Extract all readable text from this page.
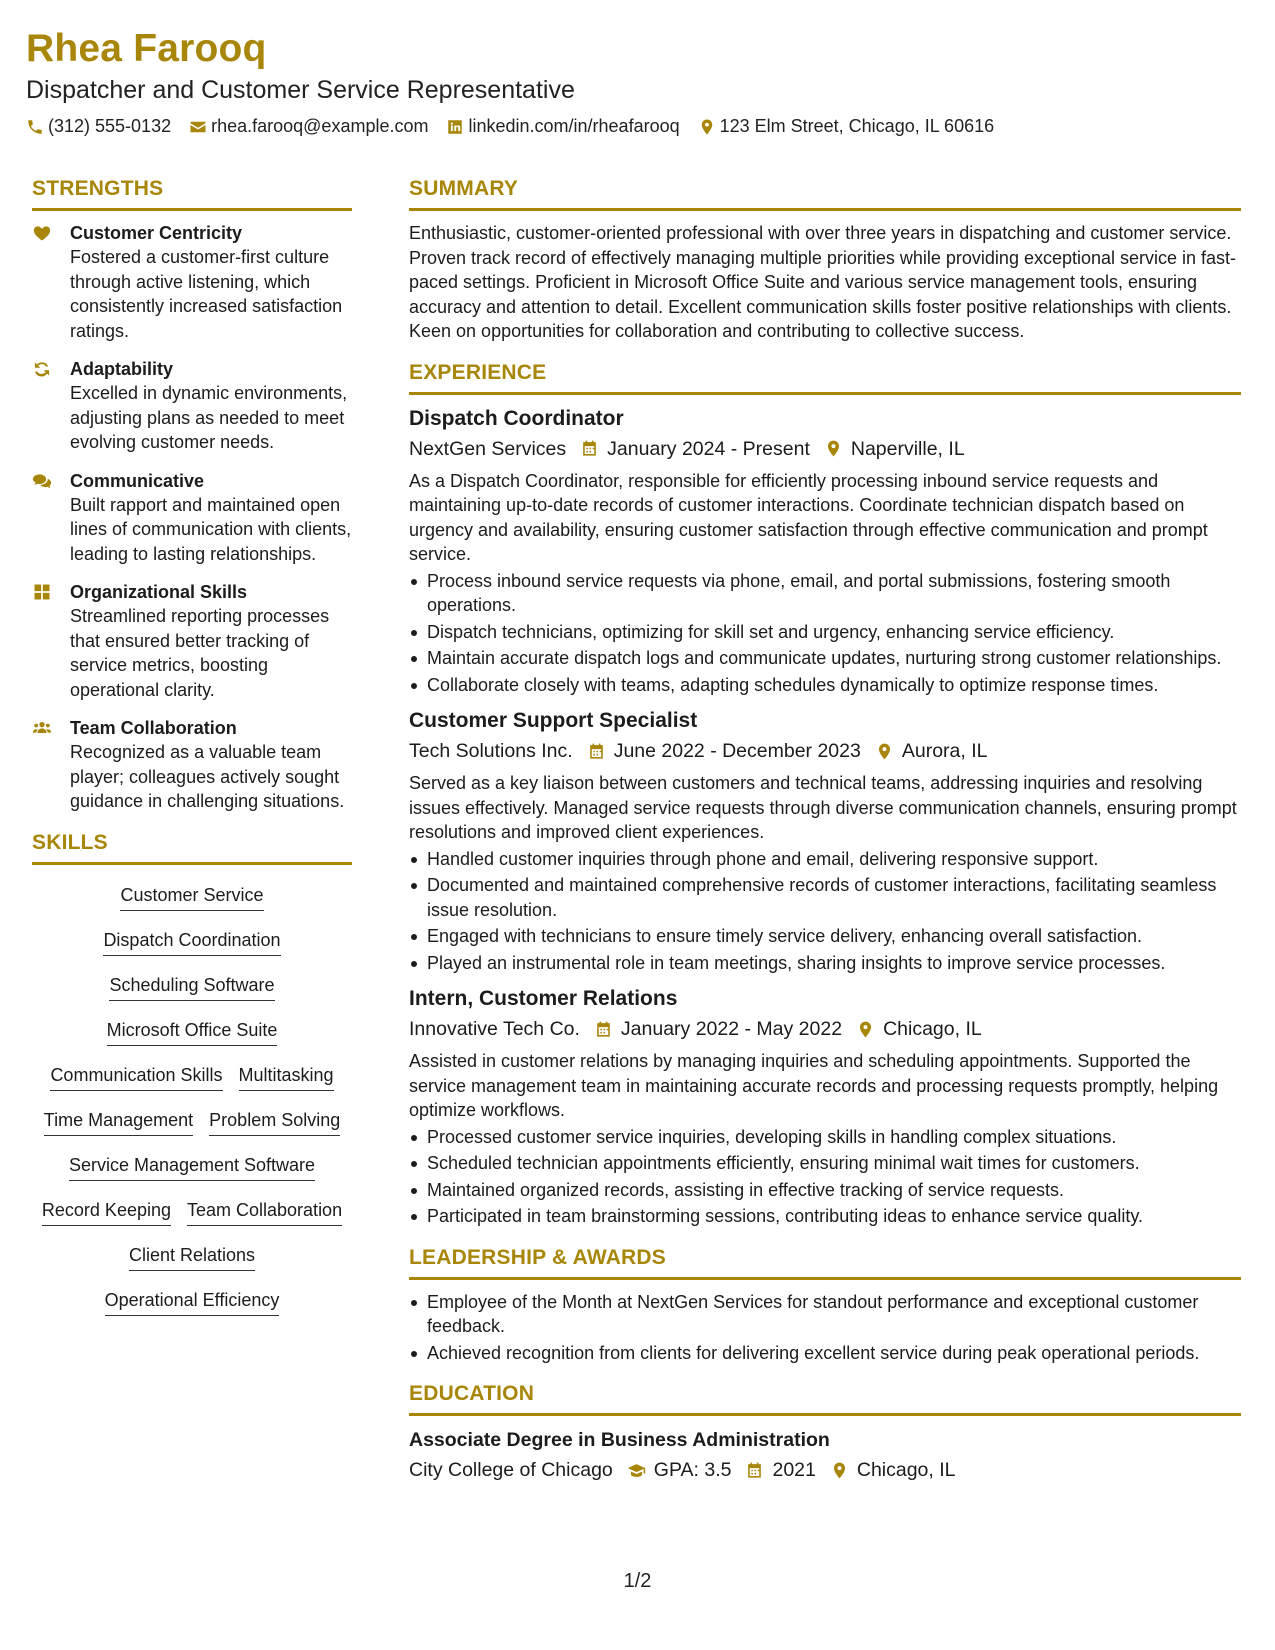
Rhea Farooq
Dispatcher and Customer Service Representative
(312) 555-0132 rhea.farooq@example.com linkedin.com/in/rheafarooq 123 Elm Street, Chicago, IL 60616
STRENGTHS
Customer Centricity
Fostered a customer-first culture through active listening, which consistently increased satisfaction ratings.
Adaptability
Excelled in dynamic environments, adjusting plans as needed to meet evolving customer needs.
Communicative
Built rapport and maintained open lines of communication with clients, leading to lasting relationships.
Organizational Skills
Streamlined reporting processes that ensured better tracking of service metrics, boosting operational clarity.
Team Collaboration
Recognized as a valuable team player; colleagues actively sought guidance in challenging situations.
SKILLS
Customer Service
Dispatch Coordination
Scheduling Software
Microsoft Office Suite
Communication Skills Multitasking
Time Management Problem Solving
Service Management Software
Record Keeping Team Collaboration
Client Relations
Operational Efficiency
SUMMARY
Enthusiastic, customer-oriented professional with over three years in dispatching and customer service. Proven track record of effectively managing multiple priorities while providing exceptional service in fast-paced settings. Proficient in Microsoft Office Suite and various service management tools, ensuring accuracy and attention to detail. Excellent communication skills foster positive relationships with clients. Keen on opportunities for collaboration and contributing to collective success.
EXPERIENCE
Dispatch Coordinator
NextGen Services January 2024 - Present Naperville, IL
As a Dispatch Coordinator, responsible for efficiently processing inbound service requests and maintaining up-to-date records of customer interactions. Coordinate technician dispatch based on urgency and availability, ensuring customer satisfaction through effective communication and prompt service.
Process inbound service requests via phone, email, and portal submissions, fostering smooth operations.
Dispatch technicians, optimizing for skill set and urgency, enhancing service efficiency.
Maintain accurate dispatch logs and communicate updates, nurturing strong customer relationships.
Collaborate closely with teams, adapting schedules dynamically to optimize response times.
Customer Support Specialist
Tech Solutions Inc. June 2022 - December 2023 Aurora, IL
Served as a key liaison between customers and technical teams, addressing inquiries and resolving issues effectively. Managed service requests through diverse communication channels, ensuring prompt resolutions and improved client experiences.
Handled customer inquiries through phone and email, delivering responsive support.
Documented and maintained comprehensive records of customer interactions, facilitating seamless issue resolution.
Engaged with technicians to ensure timely service delivery, enhancing overall satisfaction.
Played an instrumental role in team meetings, sharing insights to improve service processes.
Intern, Customer Relations
Innovative Tech Co. January 2022 - May 2022 Chicago, IL
Assisted in customer relations by managing inquiries and scheduling appointments. Supported the service management team in maintaining accurate records and processing requests promptly, helping optimize workflows.
Processed customer service inquiries, developing skills in handling complex situations.
Scheduled technician appointments efficiently, ensuring minimal wait times for customers.
Maintained organized records, assisting in effective tracking of service requests.
Participated in team brainstorming sessions, contributing ideas to enhance service quality.
LEADERSHIP & AWARDS
Employee of the Month at NextGen Services for standout performance and exceptional customer feedback.
Achieved recognition from clients for delivering excellent service during peak operational periods.
EDUCATION
Associate Degree in Business Administration
City College of Chicago GPA: 3.5 2021 Chicago, IL
1/2
